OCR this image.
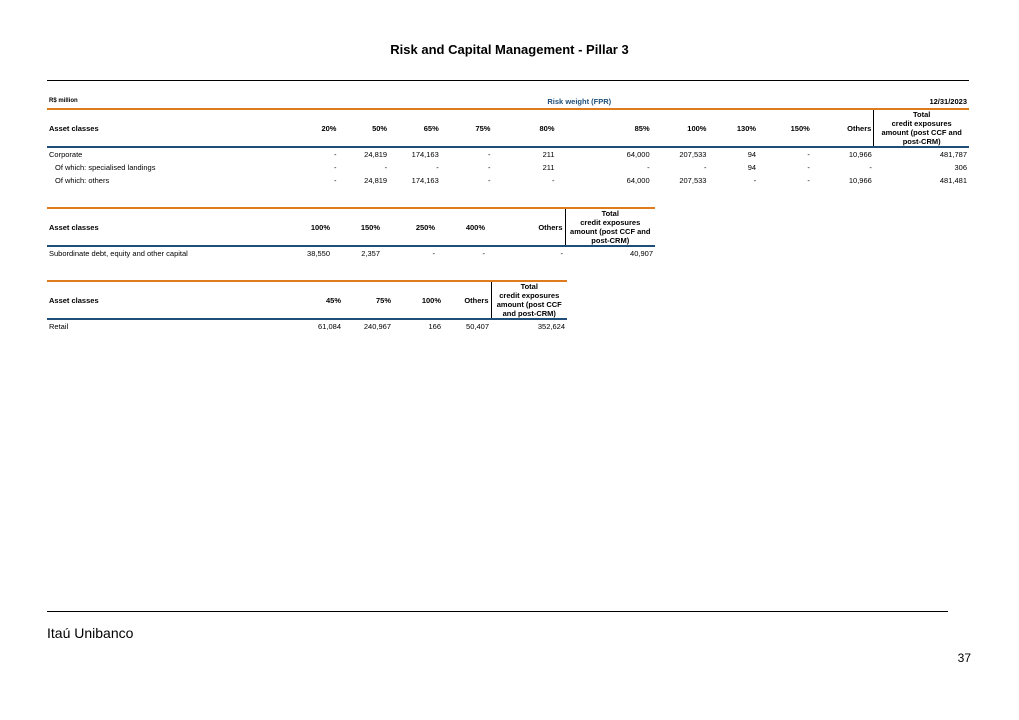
Risk and Capital Management - Pillar 3
R$ million	Risk weight (FPR)										12/31/2023
Asset classes	20%	50%	65%	75%	80%	85%	100%	130%	150%	Others	Total
credit exposures
amount (post CCF and
post-CRM)

Corporate	-	24,819	174,163	-	211	64,000	207,533	94	-	10,966	481,787
Of which: specialised landings	-	-	-	-	211	-	-	94	-	-	306
Of which: others	-	24,819	174,163	-	-	64,000	207,533	-	-	10,966	481,481
Asset classes	100%	150%	250%	400%	Others	Total
credit exposures
amount (post CCF and
post-CRM)

Subordinate debt, equity and other capital	38,550	2,357	-	-	-	40,907
Asset classes	45%	75%	100%	Others	Total
credit exposures
amount (post CCF
and post-CRM)

Retail	61,084	240,967	166	50,407	352,624
Itaú Unibanco
37
